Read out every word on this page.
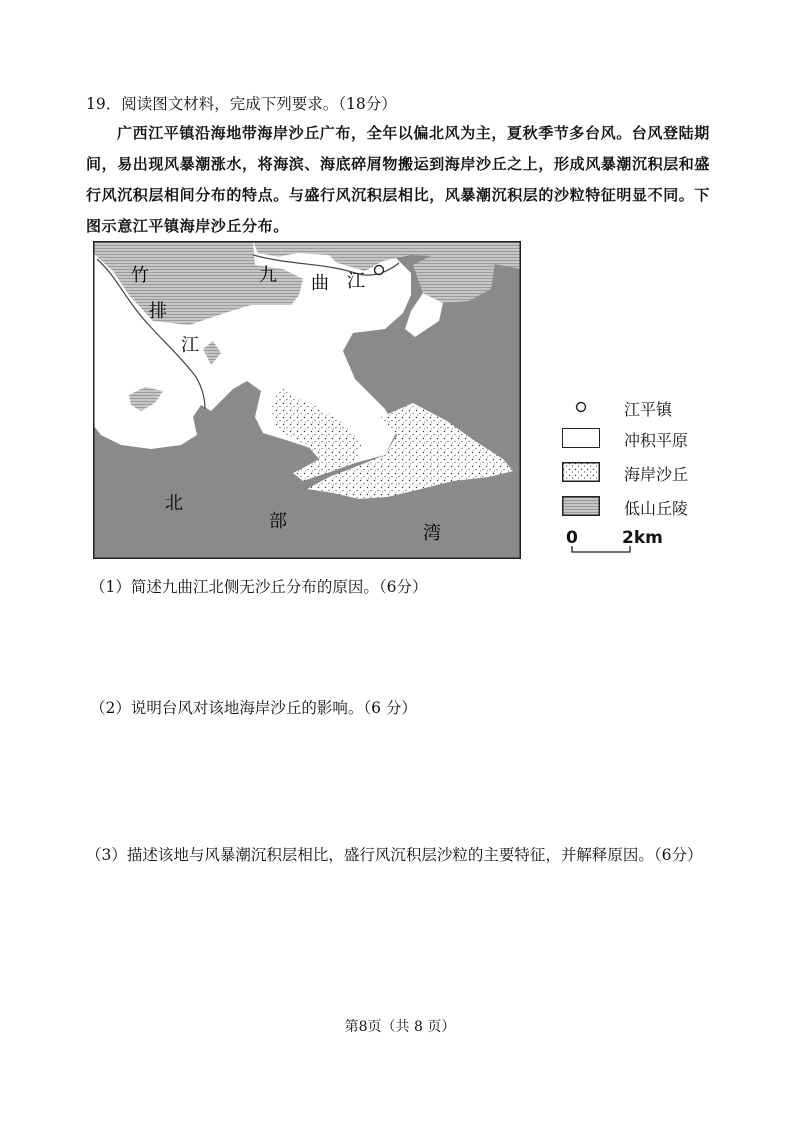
19．阅读图文材料，完成下列要求。（18分）
广西江平镇沿海地带海岸沙丘广布，全年以偏北风为主，夏秋季节多台风。台风登陆期间，易出现风暴潮涨水，将海滨、海底碎屑物搬运到海岸沙丘之上，形成风暴潮沉积层和盛行风沉积层相间分布的特点。与盛行风沉积层相比，风暴潮沉积层的沙粒特征明显不同。下图示意江平镇海岸沙丘分布。
竹
排
江
九 曲 江
北
部
湾
江平镇
冲积平原
海岸沙丘
低山丘陵
0	2km
（1）简述九曲江北侧无沙丘分布的原因。（6分）
（2）说明台风对该地海岸沙丘的影响。（6 分）
（3）描述该地与风暴潮沉积层相比，盛行风沉积层沙粒的主要特征，并解释原因。（6分）
第8页（共 8 页）
